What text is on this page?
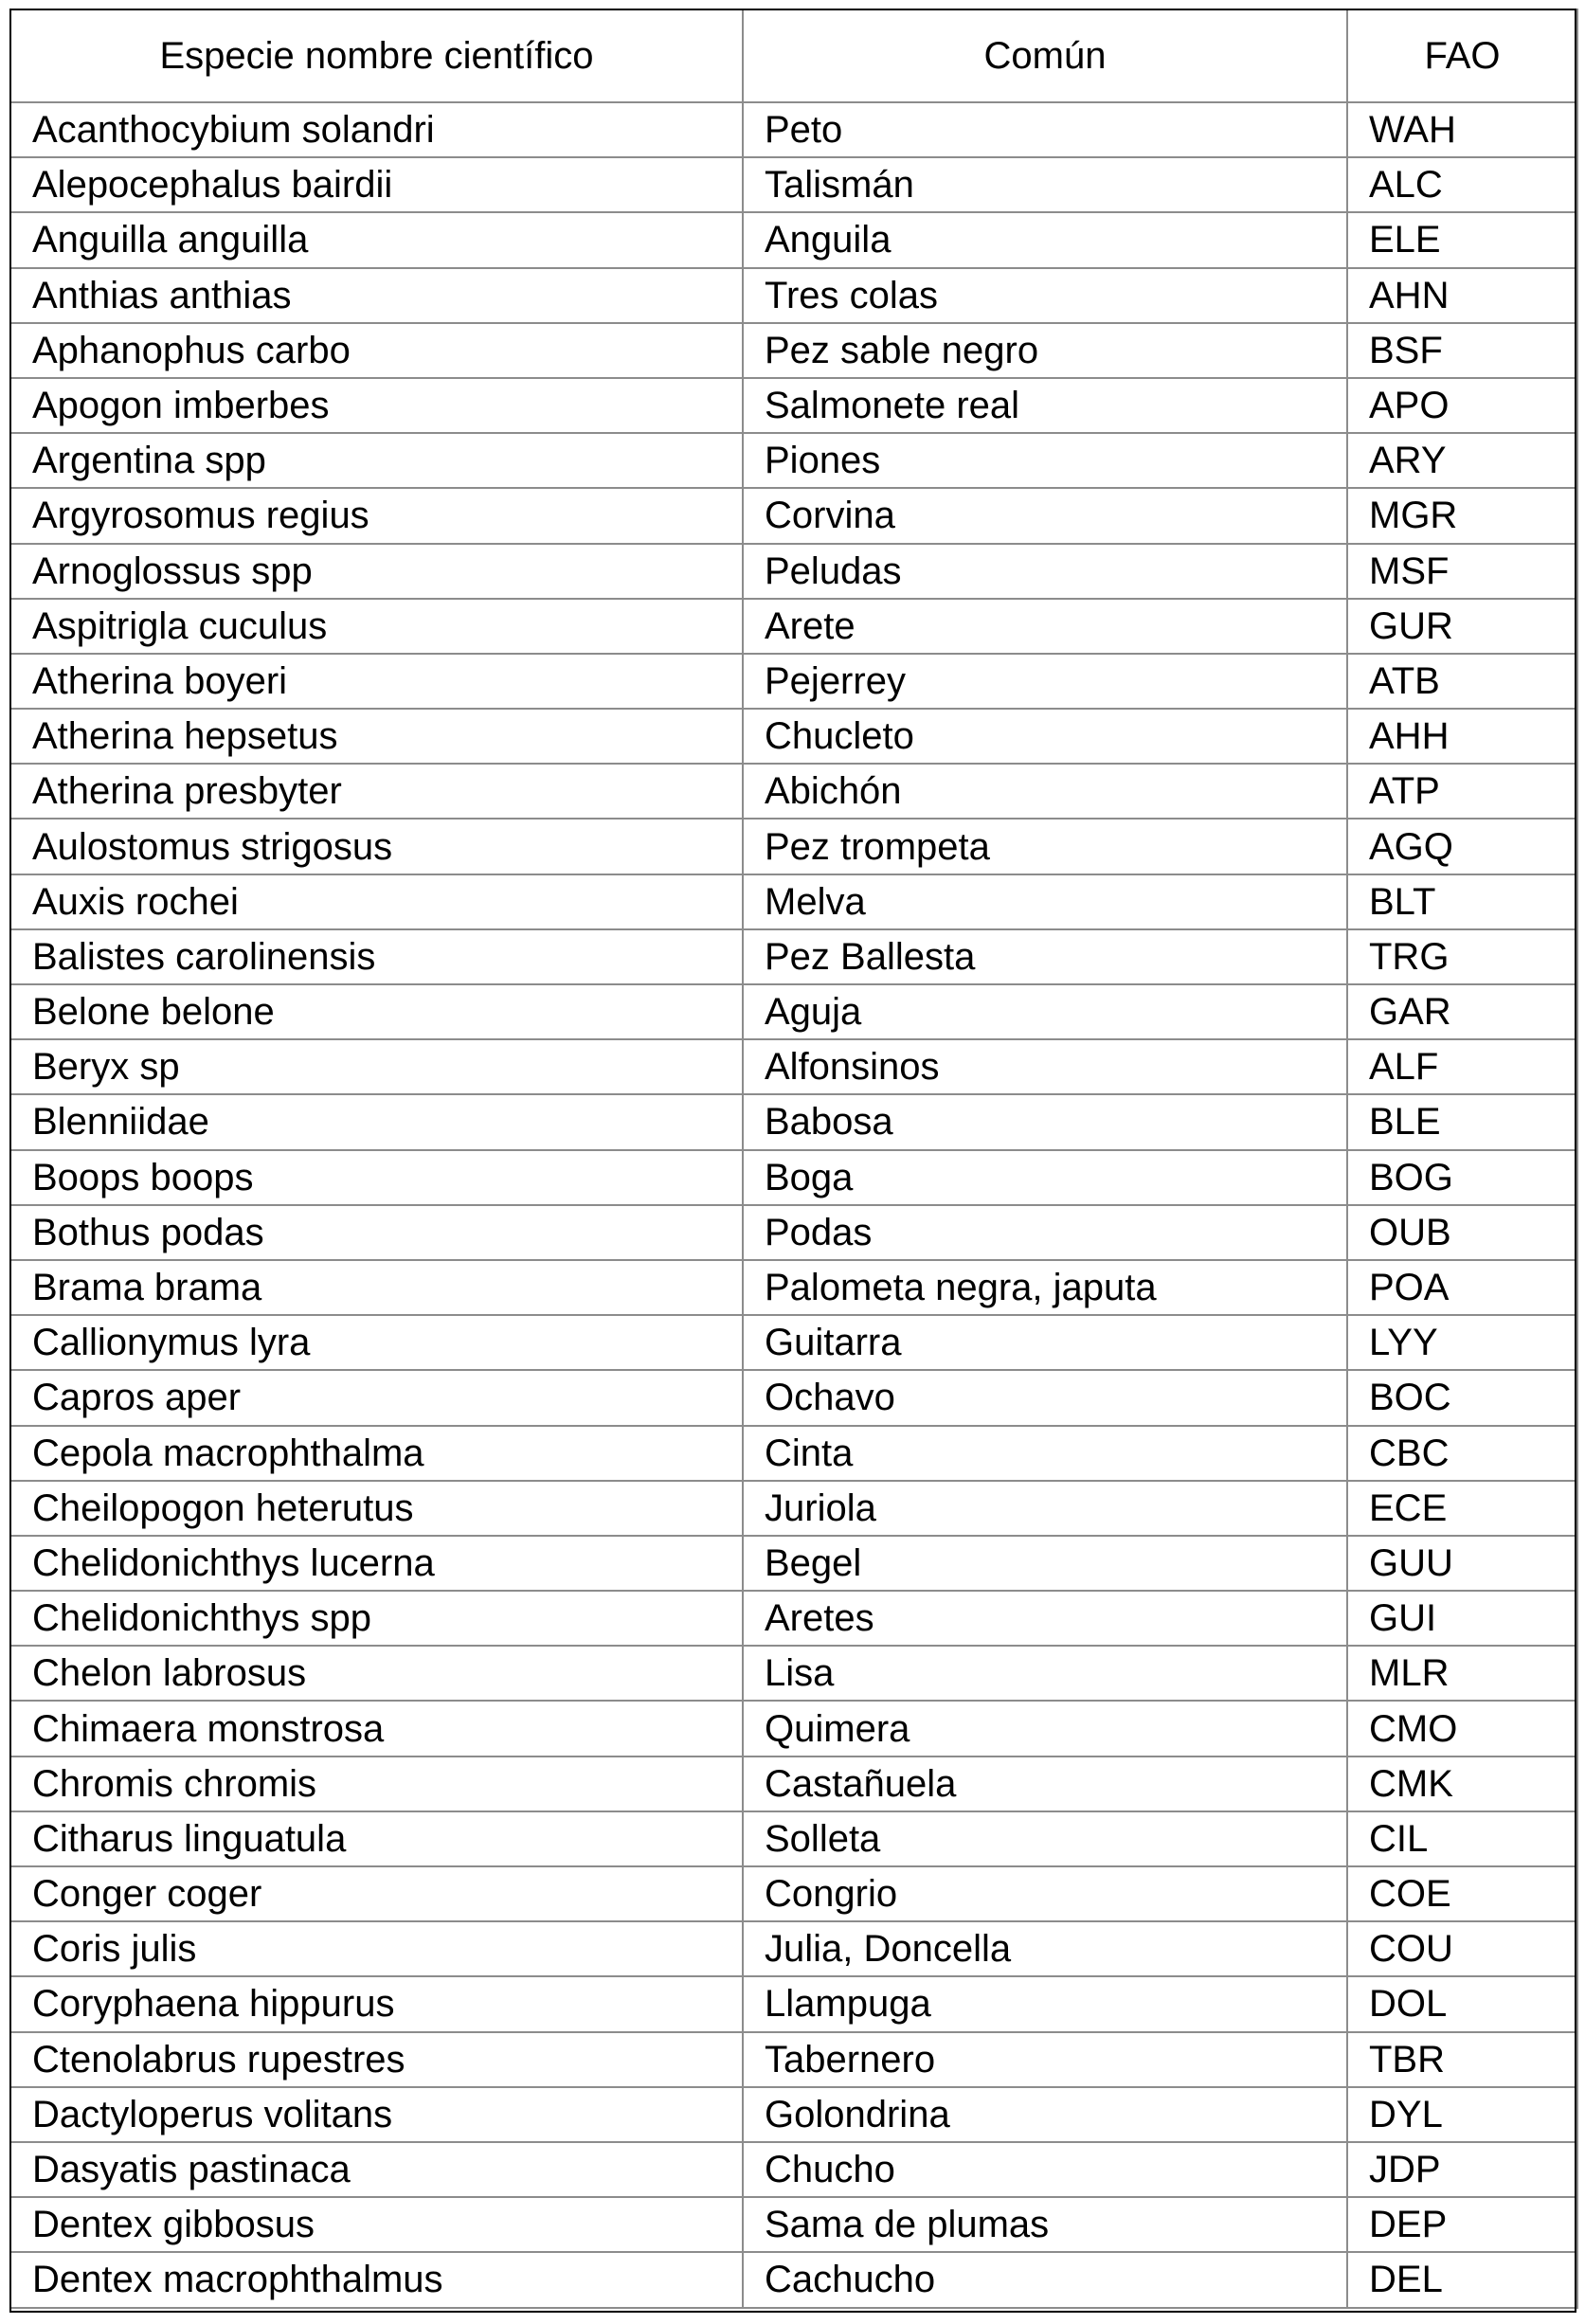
Especie nombre científico	Común	FAO
Acanthocybium solandri	Peto	WAH
Alepocephalus bairdii	Talismán	ALC
Anguilla anguilla	Anguila	ELE
Anthias anthias	Tres colas	AHN
Aphanophus carbo	Pez sable negro	BSF
Apogon imberbes	Salmonete real	APO
Argentina spp	Piones	ARY
Argyrosomus regius	Corvina	MGR
Arnoglossus spp	Peludas	MSF
Aspitrigla cuculus	Arete	GUR
Atherina boyeri	Pejerrey	ATB
Atherina hepsetus	Chucleto	AHH
Atherina presbyter	Abichón	ATP
Aulostomus strigosus	Pez trompeta	AGQ
Auxis rochei	Melva	BLT
Balistes carolinensis	Pez Ballesta	TRG
Belone belone	Aguja	GAR
Beryx sp	Alfonsinos	ALF
Blenniidae	Babosa	BLE
Boops boops	Boga	BOG
Bothus podas	Podas	OUB
Brama brama	Palometa negra, japuta	POA
Callionymus lyra	Guitarra	LYY
Capros aper	Ochavo	BOC
Cepola macrophthalma	Cinta	CBC
Cheilopogon heterutus	Juriola	ECE
Chelidonichthys lucerna	Begel	GUU
Chelidonichthys spp	Aretes	GUI
Chelon labrosus	Lisa	MLR
Chimaera monstrosa	Quimera	CMO
Chromis chromis	Castañuela	CMK
Citharus linguatula	Solleta	CIL
Conger coger	Congrio	COE
Coris julis	Julia, Doncella	COU
Coryphaena hippurus	Llampuga	DOL
Ctenolabrus rupestres	Tabernero	TBR
Dactyloperus volitans	Golondrina	DYL
Dasyatis pastinaca	Chucho	JDP
Dentex gibbosus	Sama de plumas	DEP
Dentex macrophthalmus	Cachucho	DEL
